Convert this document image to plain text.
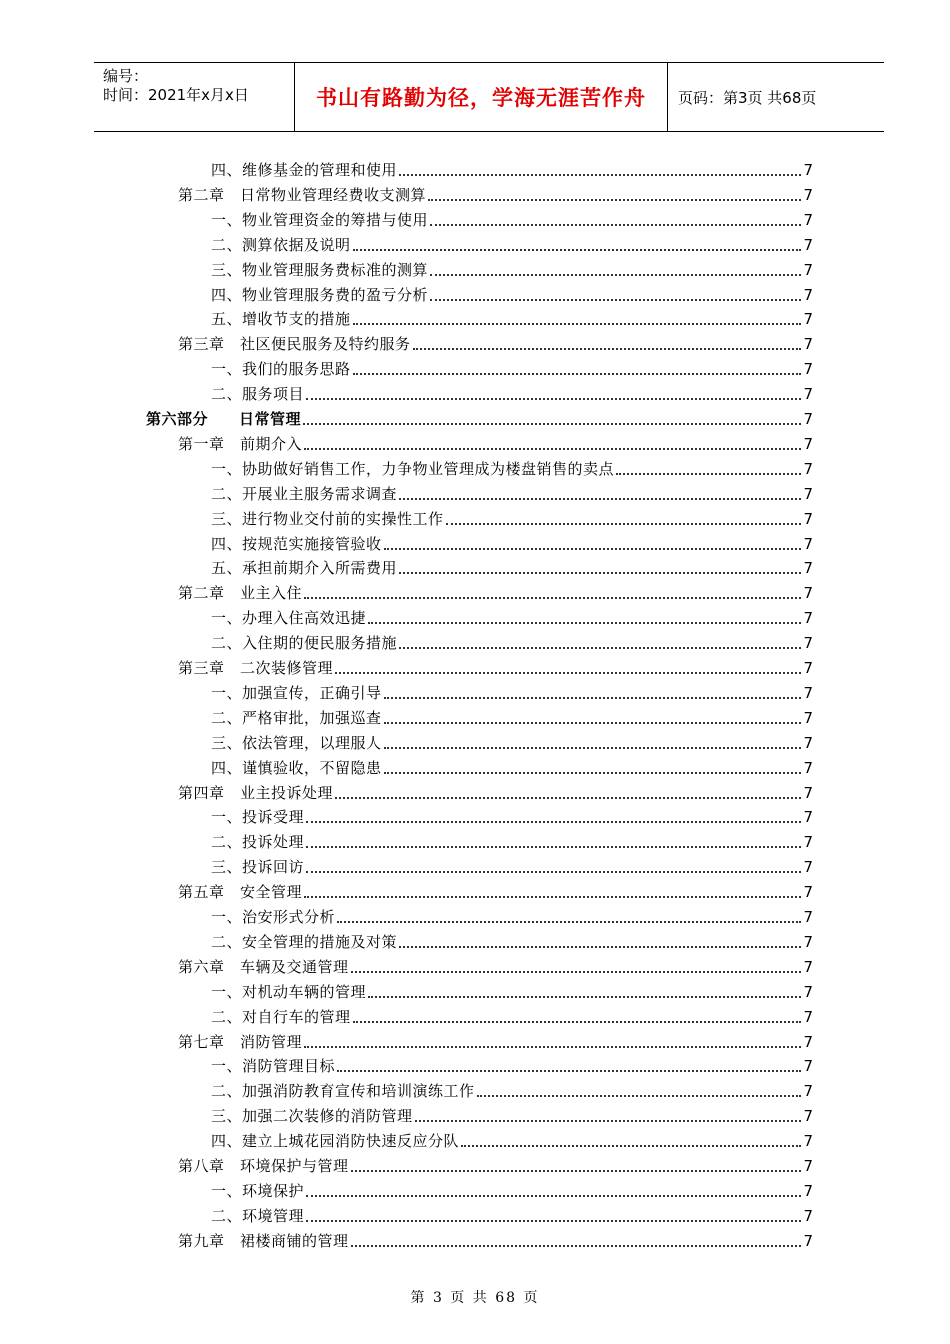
编号：
时间：2021年x月x日	书山有路勤为径，学海无涯苦作舟	页码：第3页 共68页
四、维修基金的管理和使用	7
第二章　日常物业管理经费收支测算	7
一、物业管理资金的筹措与使用	7
二、测算依据及说明	7
三、物业管理服务费标准的测算	7
四、物业管理服务费的盈亏分析	7
五、增收节支的措施	7
第三章　社区便民服务及特约服务	7
一、我们的服务思路	7
二、服务项目	7
第六部分　　日常管理	7
第一章　前期介入	7
一、协助做好销售工作，力争物业管理成为楼盘销售的卖点	7
二、开展业主服务需求调查	7
三、进行物业交付前的实操性工作	7
四、按规范实施接管验收	7
五、承担前期介入所需费用	7
第二章　业主入住	7
一、办理入住高效迅捷	7
二、入住期的便民服务措施	7
第三章　二次装修管理	7
一、加强宣传，正确引导	7
二、严格审批，加强巡查	7
三、依法管理，以理服人	7
四、谨慎验收，不留隐患	7
第四章　业主投诉处理	7
一、投诉受理	7
二、投诉处理	7
三、投诉回访	7
第五章　安全管理	7
一、治安形式分析	7
二、安全管理的措施及对策	7
第六章　车辆及交通管理	7
一、对机动车辆的管理	7
二、对自行车的管理	7
第七章　消防管理	7
一、消防管理目标	7
二、加强消防教育宣传和培训演练工作	7
三、加强二次装修的消防管理	7
四、建立上城花园消防快速反应分队	7
第八章　环境保护与管理	7
一、环境保护	7
二、环境管理	7
第九章　裙楼商铺的管理	7
第 3 页 共 68 页
